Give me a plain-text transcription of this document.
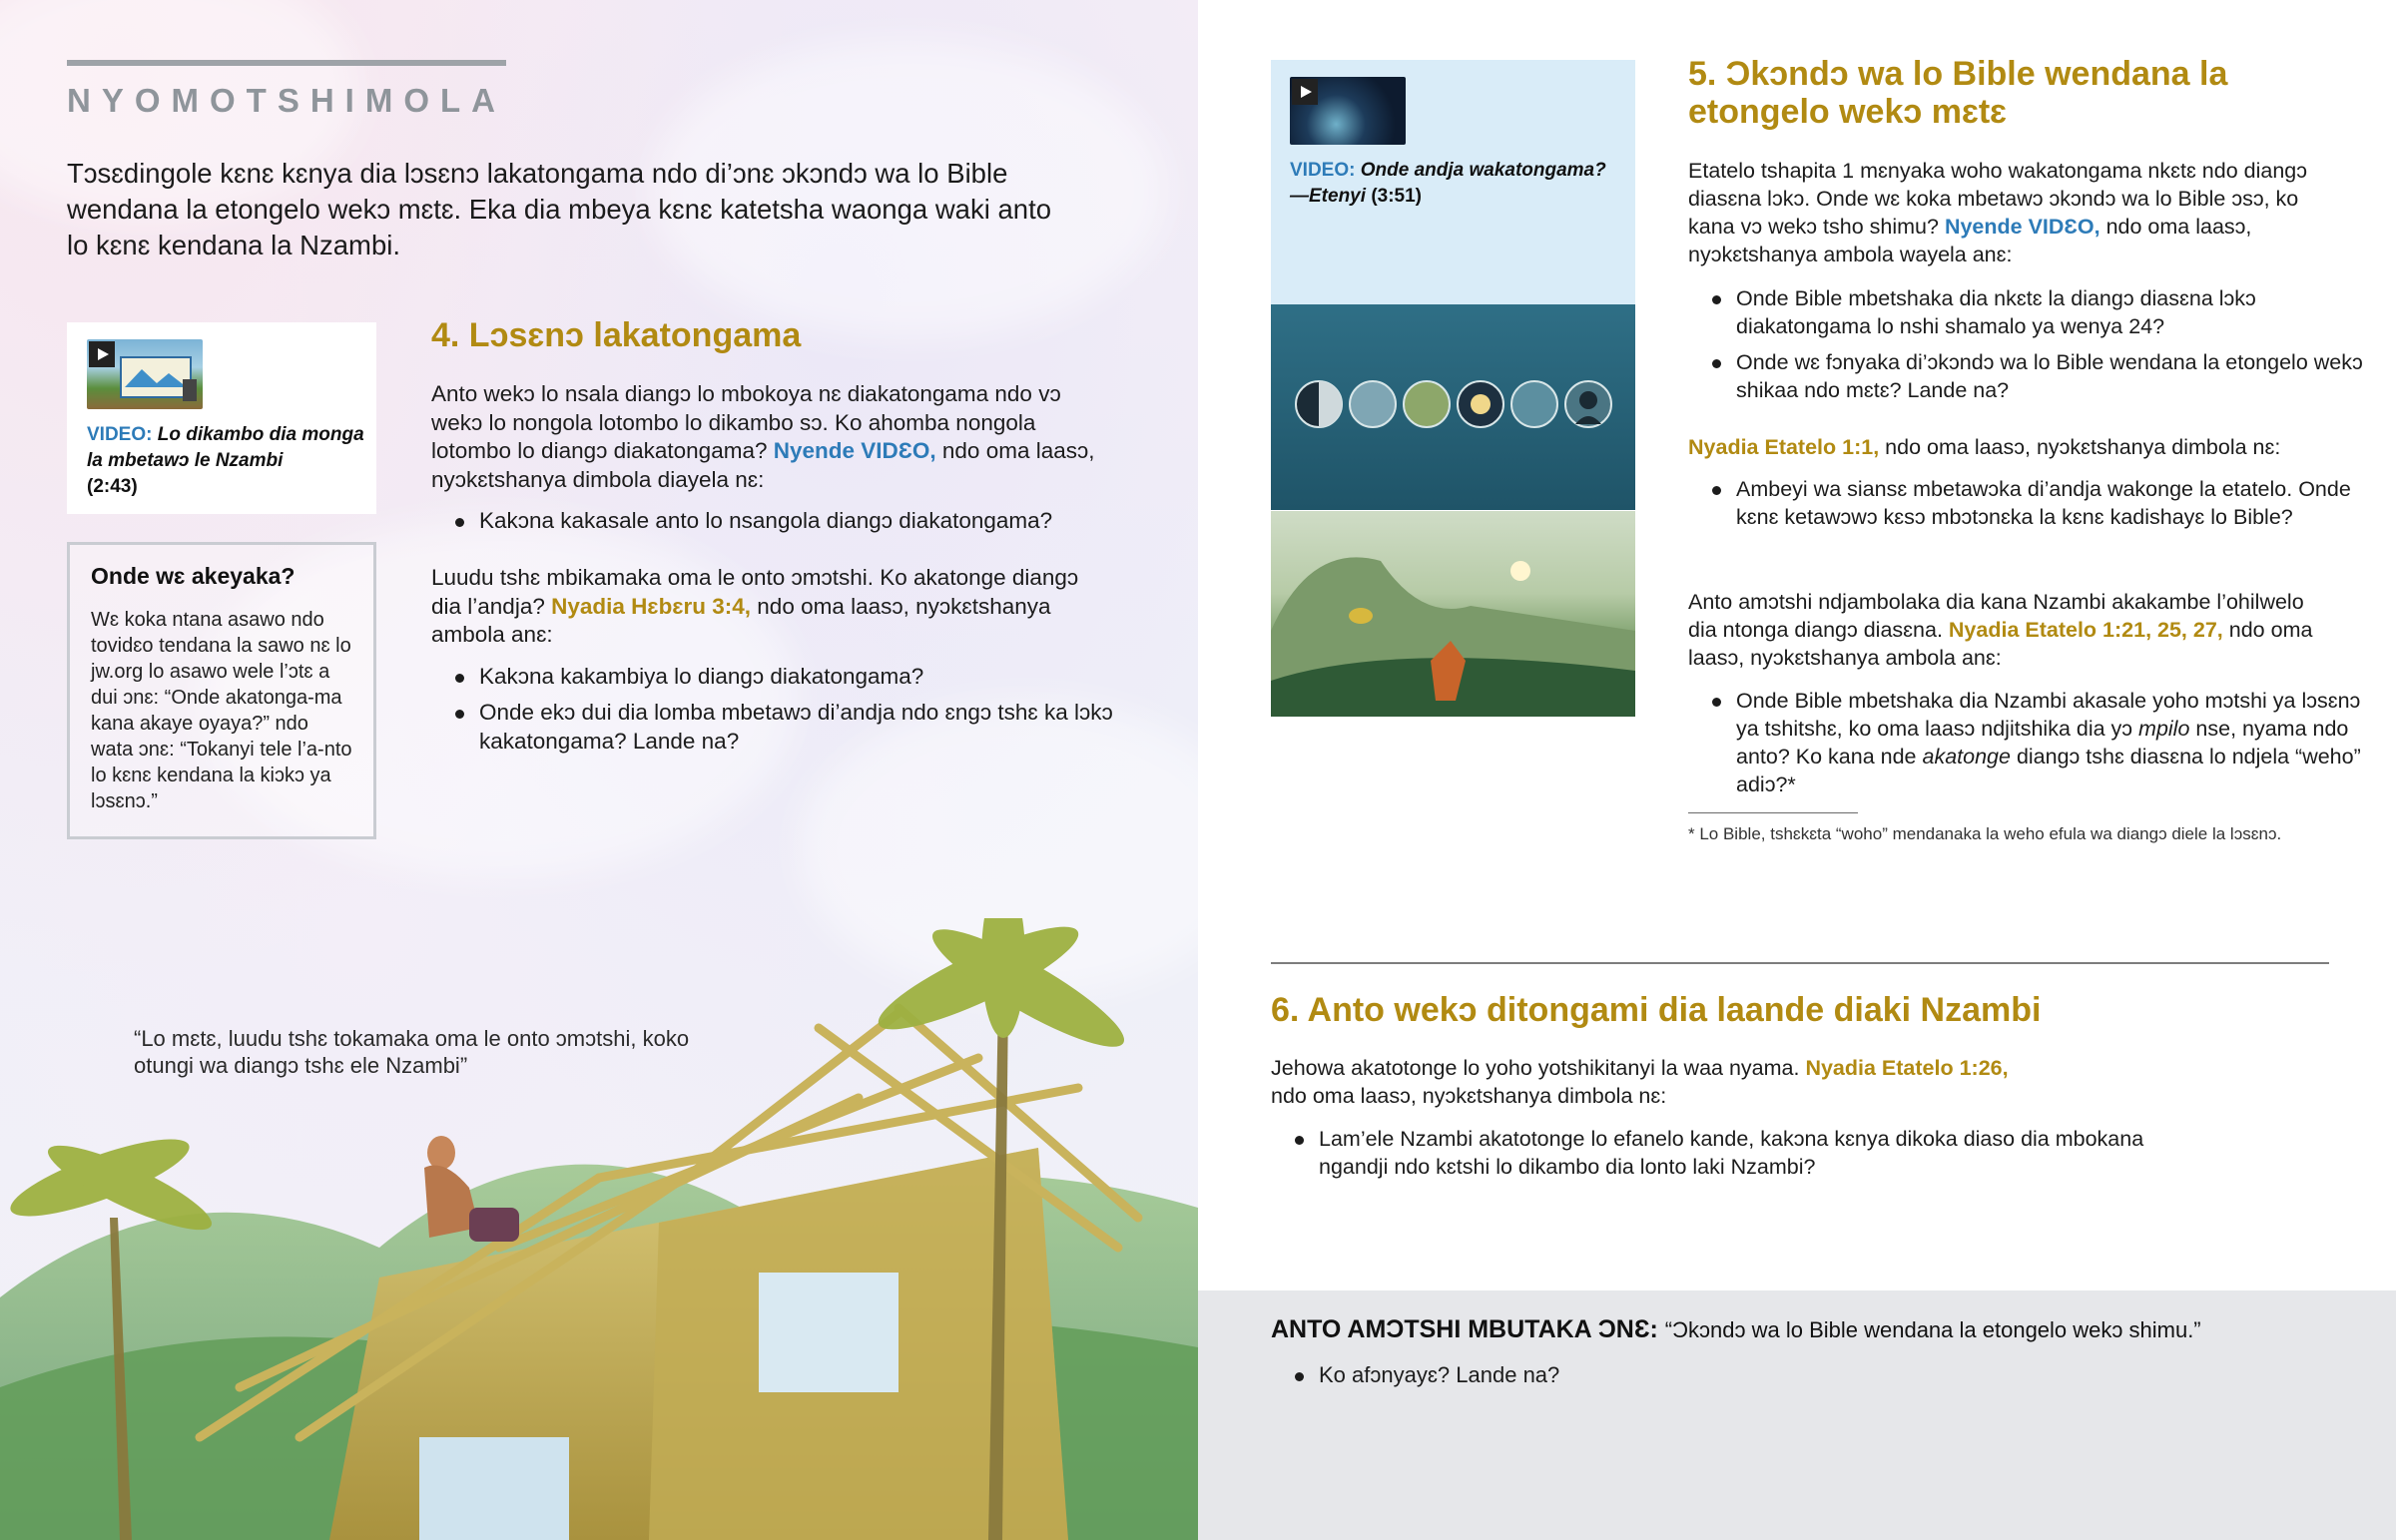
NYOMOTSHIMOLA
Tɔsɛdingole kɛnɛ kɛnya dia lɔsɛnɔ lakatongama ndo di’ɔnɛ ɔkɔndɔ wa lo Bible wendana la etongelo wekɔ mɛtɛ. Eka dia mbeya kɛnɛ katetsha waonga waki anto lo kɛnɛ kendana la Nzambi.
VIDEO: Lo dikambo dia monga la mbetawɔ le Nzambi
(2:43)
Onde wɛ akeyaka?
Wɛ koka ntana asawo ndo tovidɛo tendana la sawo nɛ lo jw.org lo asawo wele l’ɔtɛ a dui ɔnɛ: “Onde akatonga-ma kana akaye oyaya?” ndo wata ɔnɛ: “Tokanyi tele l’a-nto lo kɛnɛ kendana la kiɔkɔ ya lɔsɛnɔ.”
4. Lɔsɛnɔ lakatongama
Anto wekɔ lo nsala diangɔ lo mbokoya nɛ diakatongama ndo vɔ wekɔ lo nongola lotombo lo dikambo sɔ. Ko ahomba nongola lotombo lo diangɔ diakatongama? Nyende VIDƐO, ndo oma laasɔ, nyɔkɛtshanya dimbola diayela nɛ:
Kakɔna kakasale anto lo nsangola diangɔ diakatongama?
Luudu tshɛ mbikamaka oma le onto ɔmɔtshi. Ko akatonge diangɔ dia l’andja? Nyadia Hɛbɛru 3:4, ndo oma laasɔ, nyɔkɛtshanya ambola anɛ:
Kakɔna kakambiya lo diangɔ diakatongama?
Onde ekɔ dui dia lomba mbetawɔ di’andja ndo ɛngɔ tshɛ ka lɔkɔ kakatongama? Lande na?
“Lo mɛtɛ, luudu tshɛ tokamaka oma le onto ɔmɔtshi, koko otungi wa diangɔ tshɛ ele Nzambi”
VIDEO: Onde andja wakatongama?
—Etenyi (3:51)
5. Ɔkɔndɔ wa lo Bible wendana la
etongelo wekɔ mɛtɛ
Etatelo tshapita 1 mɛnyaka woho wakatongama nkɛtɛ ndo diangɔ diasɛna lɔkɔ. Onde wɛ koka mbetawɔ ɔkɔndɔ wa lo Bible ɔsɔ, ko kana vɔ wekɔ tsho shimu? Nyende VIDƐO, ndo oma laasɔ, nyɔkɛtshanya ambola wayela anɛ:
Onde Bible mbetshaka dia nkɛtɛ la diangɔ diasɛna lɔkɔ diakatongama lo nshi shamalo ya wenya 24?
Onde wɛ fɔnyaka di’ɔkɔndɔ wa lo Bible wendana la etongelo wekɔ shikaa ndo mɛtɛ? Lande na?
Nyadia Etatelo 1:1, ndo oma laasɔ, nyɔkɛtshanya dimbola nɛ:
Ambeyi wa siansɛ mbetawɔka di’andja wakonge la etatelo. Onde kɛnɛ ketawɔwɔ kɛsɔ mbɔtɔnɛka la kɛnɛ kadishayɛ lo Bible?
Anto amɔtshi ndjambolaka dia kana Nzambi akakambe l’ohilwelo dia ntonga diangɔ diasɛna. Nyadia Etatelo 1:21, 25, 27, ndo oma laasɔ, nyɔkɛtshanya ambola anɛ:
Onde Bible mbetshaka dia Nzambi akasale yoho mɔtshi ya lɔsɛnɔ ya tshitshɛ, ko oma laasɔ ndjitshika dia yɔ mpilo nse, nyama ndo anto? Ko kana nde akatonge diangɔ tshɛ diasɛna lo ndjela “weho” adiɔ?*
* Lo Bible, tshɛkɛta “woho” mendanaka la weho efula wa diangɔ diele la lɔsɛnɔ.
6. Anto wekɔ ditongami dia laande diaki Nzambi
Jehowa akatotonge lo yoho yotshikitanyi la waa nyama. Nyadia Etatelo 1:26,
ndo oma laasɔ, nyɔkɛtshanya dimbola nɛ:
Lam’ele Nzambi akatotonge lo efanelo kande, kakɔna kɛnya dikoka diaso dia mbokana ngandji ndo kɛtshi lo dikambo dia lonto laki Nzambi?
ANTO AMƆTSHI MBUTAKA ƆNƐ: “Ɔkɔndɔ wa lo Bible wendana la etongelo wekɔ shimu.”
Ko afɔnyayɛ? Lande na?
